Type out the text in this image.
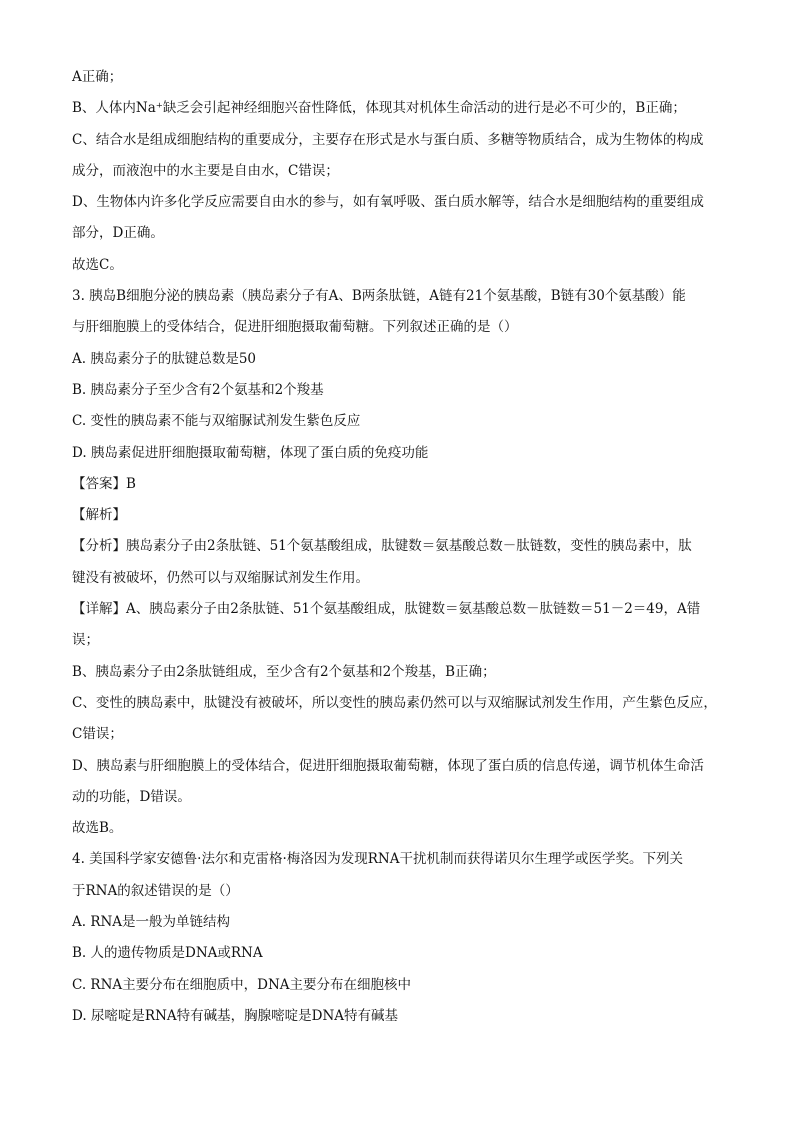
A正确；
B、人体内Na⁺缺乏会引起神经细胞兴奋性降低，体现其对机体生命活动的进行是必不可少的，B正确；
C、结合水是组成细胞结构的重要成分，主要存在形式是水与蛋白质、多糖等物质结合，成为生物体的构成
成分，而液泡中的水主要是自由水，C错误；
D、生物体内许多化学反应需要自由水的参与，如有氧呼吸、蛋白质水解等，结合水是细胞结构的重要组成
部分，D正确。
故选C。
3. 胰岛B细胞分泌的胰岛素（胰岛素分子有A、B两条肽链，A链有21个氨基酸，B链有30个氨基酸）能
与肝细胞膜上的受体结合，促进肝细胞摄取葡萄糖。下列叙述正确的是（）
A. 胰岛素分子的肽键总数是50
B. 胰岛素分子至少含有2个氨基和2个羧基
C. 变性的胰岛素不能与双缩脲试剂发生紫色反应
D. 胰岛素促进肝细胞摄取葡萄糖，体现了蛋白质的免疫功能
【答案】B
【解析】
【分析】胰岛素分子由2条肽链、51个氨基酸组成，肽键数＝氨基酸总数－肽链数，变性的胰岛素中，肽
键没有被破坏，仍然可以与双缩脲试剂发生作用。
【详解】A、胰岛素分子由2条肽链、51个氨基酸组成，肽键数＝氨基酸总数－肽链数＝51－2＝49，A错
误；
B、胰岛素分子由2条肽链组成，至少含有2个氨基和2个羧基，B正确；
C、变性的胰岛素中，肽键没有被破坏，所以变性的胰岛素仍然可以与双缩脲试剂发生作用，产生紫色反应，
C错误；
D、胰岛素与肝细胞膜上的受体结合，促进肝细胞摄取葡萄糖，体现了蛋白质的信息传递，调节机体生命活
动的功能，D错误。
故选B。
4. 美国科学家安德鲁·法尔和克雷格·梅洛因为发现RNA干扰机制而获得诺贝尔生理学或医学奖。下列关
于RNA的叙述错误的是（）
A. RNA是一般为单链结构
B. 人的遗传物质是DNA或RNA
C. RNA主要分布在细胞质中，DNA主要分布在细胞核中
D. 尿嘧啶是RNA特有碱基，胸腺嘧啶是DNA特有碱基
